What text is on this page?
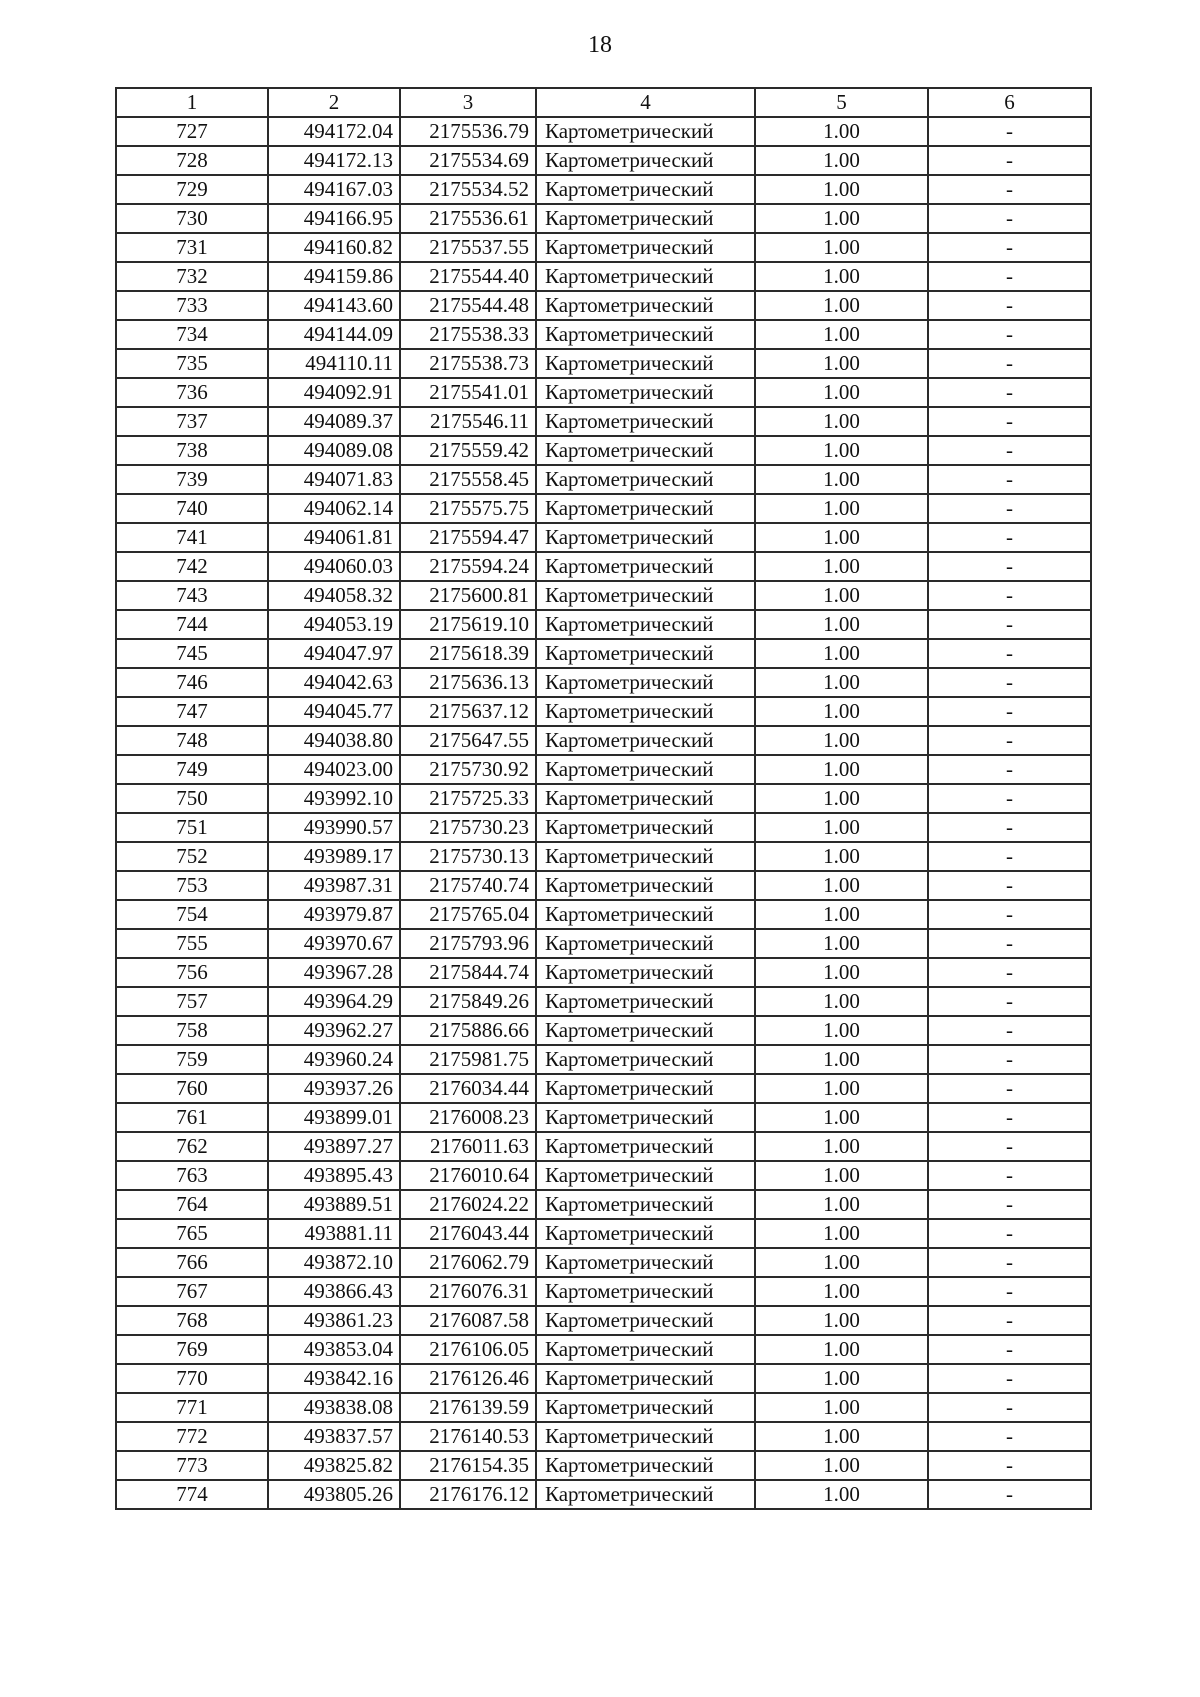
18
1	2	3	4	5	6
727	494172.04	2175536.79	Картометрический	1.00	-
728	494172.13	2175534.69	Картометрический	1.00	-
729	494167.03	2175534.52	Картометрический	1.00	-
730	494166.95	2175536.61	Картометрический	1.00	-
731	494160.82	2175537.55	Картометрический	1.00	-
732	494159.86	2175544.40	Картометрический	1.00	-
733	494143.60	2175544.48	Картометрический	1.00	-
734	494144.09	2175538.33	Картометрический	1.00	-
735	494110.11	2175538.73	Картометрический	1.00	-
736	494092.91	2175541.01	Картометрический	1.00	-
737	494089.37	2175546.11	Картометрический	1.00	-
738	494089.08	2175559.42	Картометрический	1.00	-
739	494071.83	2175558.45	Картометрический	1.00	-
740	494062.14	2175575.75	Картометрический	1.00	-
741	494061.81	2175594.47	Картометрический	1.00	-
742	494060.03	2175594.24	Картометрический	1.00	-
743	494058.32	2175600.81	Картометрический	1.00	-
744	494053.19	2175619.10	Картометрический	1.00	-
745	494047.97	2175618.39	Картометрический	1.00	-
746	494042.63	2175636.13	Картометрический	1.00	-
747	494045.77	2175637.12	Картометрический	1.00	-
748	494038.80	2175647.55	Картометрический	1.00	-
749	494023.00	2175730.92	Картометрический	1.00	-
750	493992.10	2175725.33	Картометрический	1.00	-
751	493990.57	2175730.23	Картометрический	1.00	-
752	493989.17	2175730.13	Картометрический	1.00	-
753	493987.31	2175740.74	Картометрический	1.00	-
754	493979.87	2175765.04	Картометрический	1.00	-
755	493970.67	2175793.96	Картометрический	1.00	-
756	493967.28	2175844.74	Картометрический	1.00	-
757	493964.29	2175849.26	Картометрический	1.00	-
758	493962.27	2175886.66	Картометрический	1.00	-
759	493960.24	2175981.75	Картометрический	1.00	-
760	493937.26	2176034.44	Картометрический	1.00	-
761	493899.01	2176008.23	Картометрический	1.00	-
762	493897.27	2176011.63	Картометрический	1.00	-
763	493895.43	2176010.64	Картометрический	1.00	-
764	493889.51	2176024.22	Картометрический	1.00	-
765	493881.11	2176043.44	Картометрический	1.00	-
766	493872.10	2176062.79	Картометрический	1.00	-
767	493866.43	2176076.31	Картометрический	1.00	-
768	493861.23	2176087.58	Картометрический	1.00	-
769	493853.04	2176106.05	Картометрический	1.00	-
770	493842.16	2176126.46	Картометрический	1.00	-
771	493838.08	2176139.59	Картометрический	1.00	-
772	493837.57	2176140.53	Картометрический	1.00	-
773	493825.82	2176154.35	Картометрический	1.00	-
774	493805.26	2176176.12	Картометрический	1.00	-
